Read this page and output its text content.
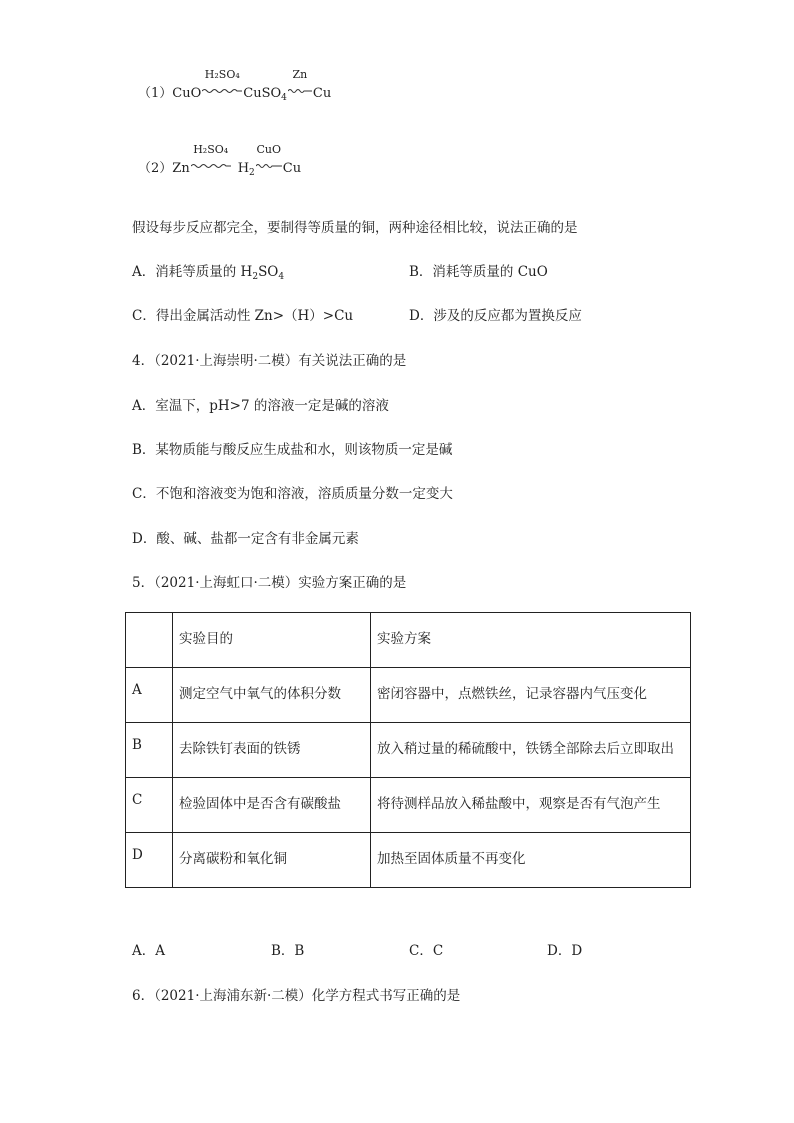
（1）CuO
H₂SO₄
CuSO$_4$
Zn
Cu
（2）Zn
H₂SO₄
$H_2$
CuO
Cu
假设每步反应都完全，要制得等质量的铜，两种途径相比较，说法正确的是
A．消耗等质量的 $H_2SO_4$	B．消耗等质量的 CuO
C．得出金属活动性 Zn>（H）>Cu	D．涉及的反应都为置换反应
4．（2021·上海崇明·二模）有关说法正确的是
A．室温下，pH>7 的溶液一定是碱的溶液
B．某物质能与酸反应生成盐和水，则该物质一定是碱
C．不饱和溶液变为饱和溶液，溶质质量分数一定变大
D．酸、碱、盐都一定含有非金属元素
5．（2021·上海虹口·二模）实验方案正确的是
	实验目的	实验方案
A	测定空气中氧气的体积分数	密闭容器中，点燃铁丝，记录容器内气压变化
B	去除铁钉表面的铁锈	放入稍过量的稀硫酸中，铁锈全部除去后立即取出
C	检验固体中是否含有碳酸盐	将待测样品放入稀盐酸中，观察是否有气泡产生
D	分离碳粉和氧化铜	加热至固体质量不再变化
A．A	B．B	C．C	D．D
6．（2021·上海浦东新·二模）化学方程式书写正确的是
